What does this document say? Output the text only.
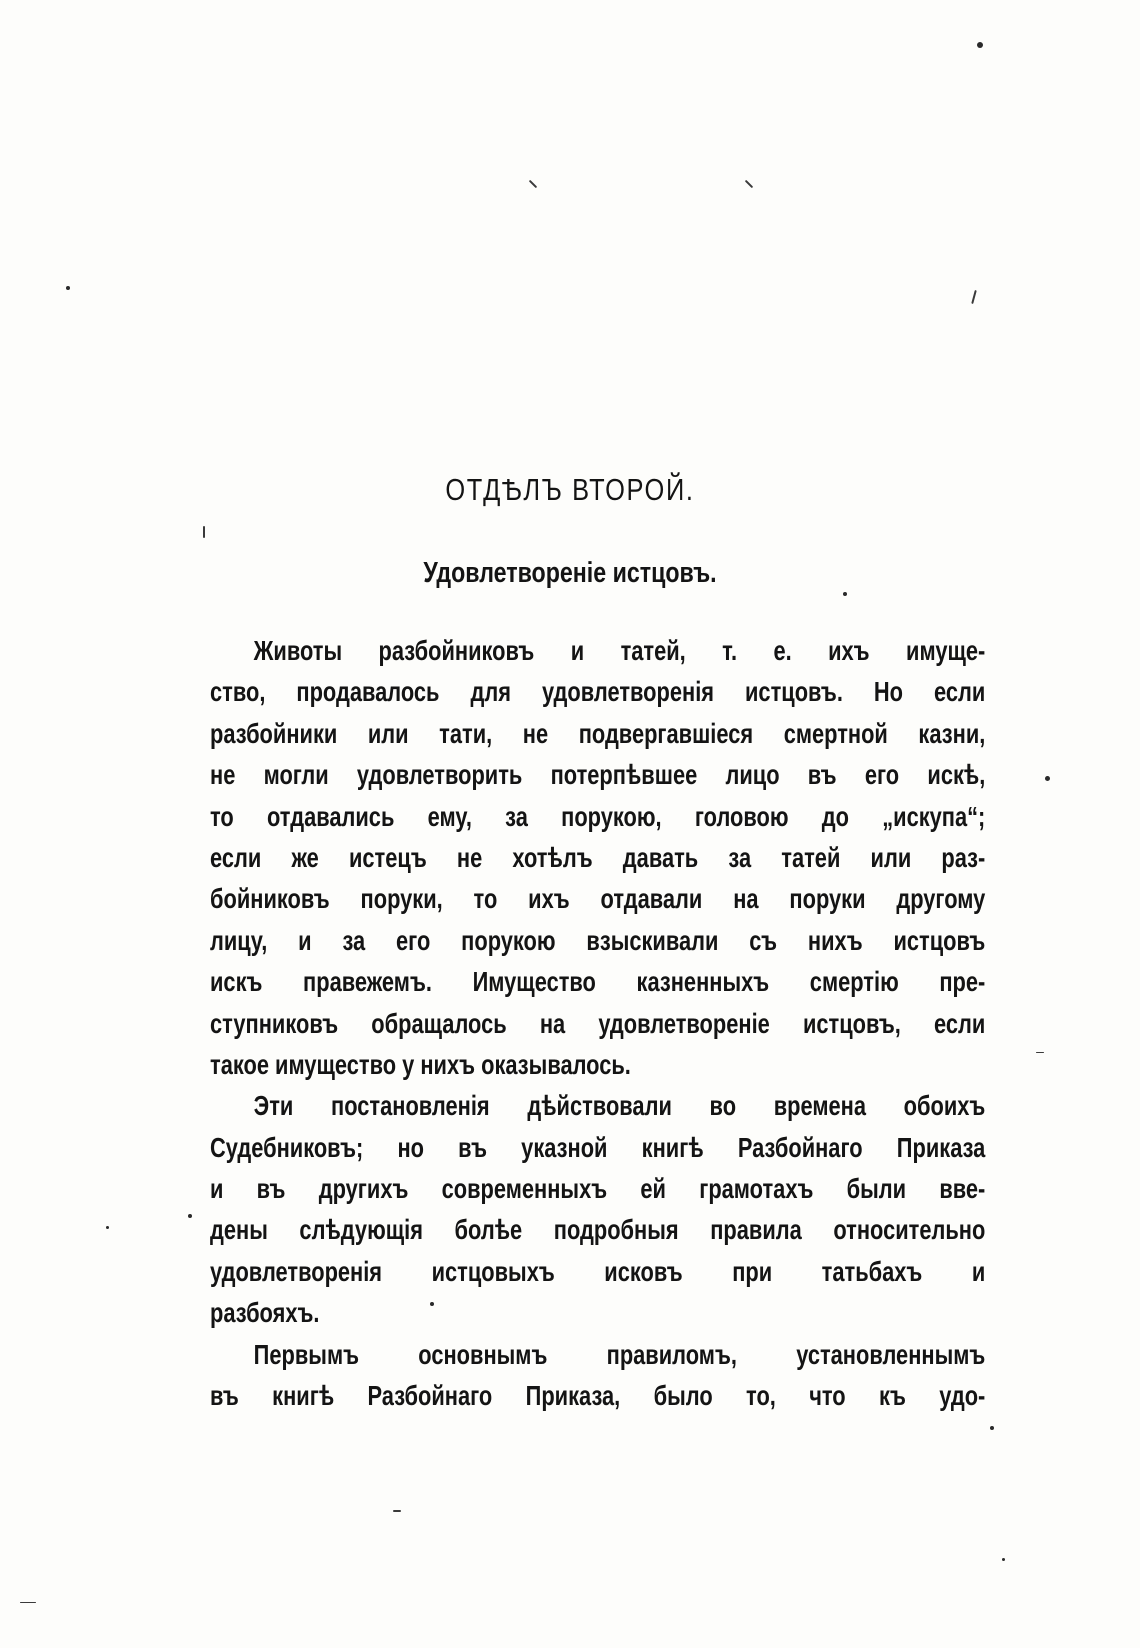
ОТДѢЛЪ ВТОРОЙ.
Удовлетвореніе истцовъ.
Животы разбойниковъ и татей, т. е. ихъ имуще-
ство, продавалось для удовлетворенія истцовъ. Но если
разбойники или тати, не подвергавшіеся смертной казни,
не могли удовлетворить потерпѣвшее лицо въ его искѣ,
то отдавались ему, за порукою, головою до „искупа“;
если же истецъ не хотѣлъ давать за татей или раз-
бойниковъ поруки, то ихъ отдавали на поруки другому
лицу, и за его порукою взыскивали съ нихъ истцовъ
искъ правежемъ. Имущество казненныхъ смертію пре-
ступниковъ обращалось на удовлетвореніе истцовъ, если
такое имущество у нихъ оказывалось.
Эти постановленія дѣйствовали во времена обоихъ
Судебниковъ; но въ указной книгѣ Разбойнаго Приказа
и въ другихъ современныхъ ей грамотахъ были вве-
дены слѣдующія болѣе подробныя правила относительно
удовлетворенія истцовыхъ исковъ при татьбахъ и
разбояхъ.
Первымъ основнымъ правиломъ, установленнымъ
въ книгѣ Разбойнаго Приказа, было то, что къ удо-
